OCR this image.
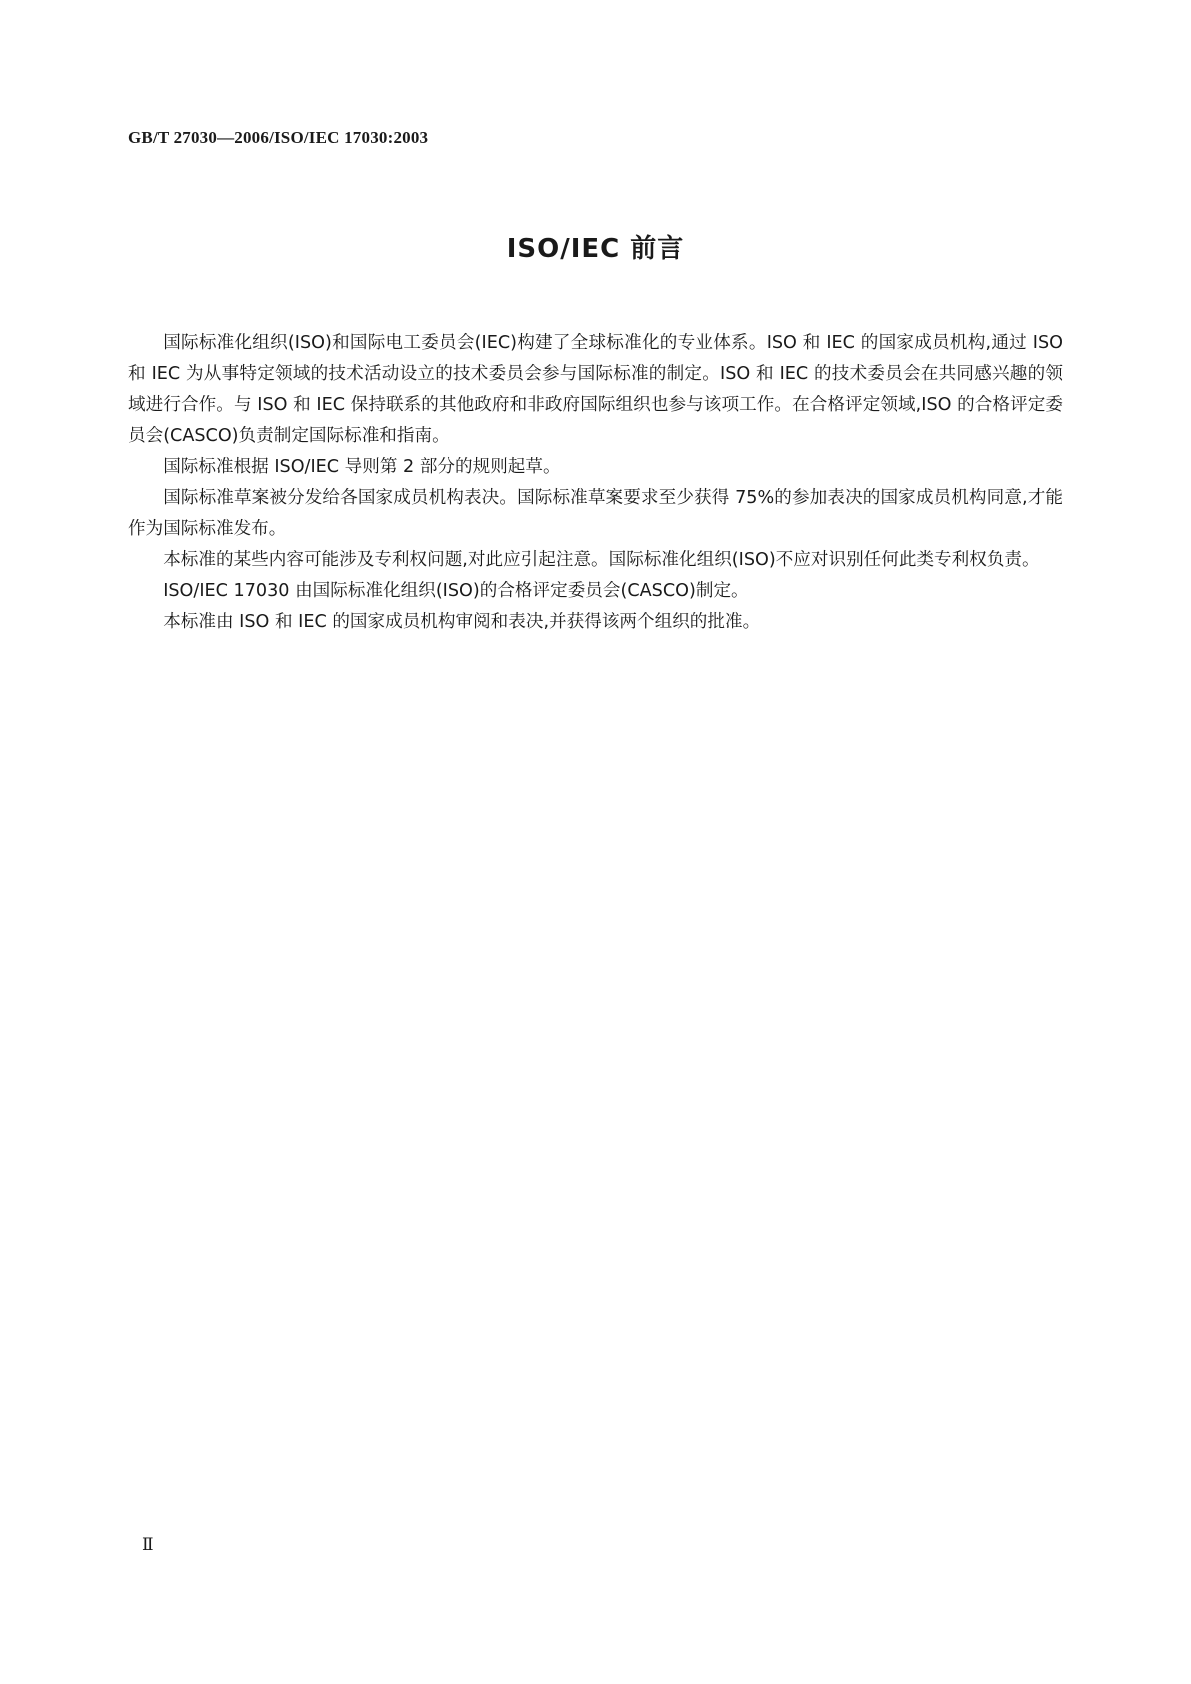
GB/T 27030—2006/ISO/IEC 17030:2003
ISO/IEC 前言

国际标准化组织(ISO)和国际电工委员会(IEC)构建了全球标准化的专业体系。ISO 和 IEC 的国家成员机构,通过 ISO 和 IEC 为从事特定领域的技术活动设立的技术委员会参与国际标准的制定。ISO 和 IEC 的技术委员会在共同感兴趣的领域进行合作。与 ISO 和 IEC 保持联系的其他政府和非政府国际组织也参与该项工作。在合格评定领域,ISO 的合格评定委员会(CASCO)负责制定国际标准和指南。

国际标准根据 ISO/IEC 导则第 2 部分的规则起草。

国际标准草案被分发给各国家成员机构表决。国际标准草案要求至少获得 75%的参加表决的国家成员机构同意,才能作为国际标准发布。

本标准的某些内容可能涉及专利权问题,对此应引起注意。国际标准化组织(ISO)不应对识别任何此类专利权负责。

ISO/IEC 17030 由国际标准化组织(ISO)的合格评定委员会(CASCO)制定。

本标准由 ISO 和 IEC 的国家成员机构审阅和表决,并获得该两个组织的批准。

Ⅱ
